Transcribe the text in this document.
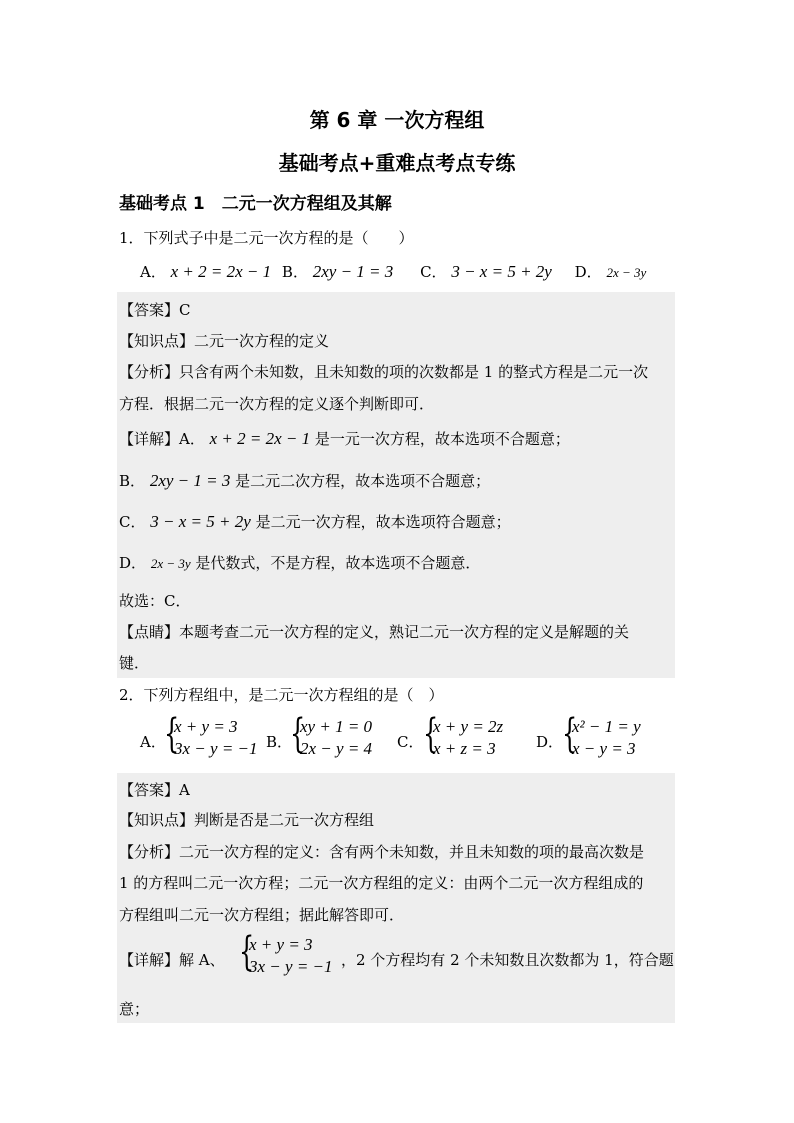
第 6 章 一次方程组
基础考点+重难点考点专练
基础考点 1　二元一次方程组及其解
1．下列式子中是二元一次方程的是（　　）
A． x + 2 = 2x − 1 B． 2xy − 1 = 3 C． 3 − x = 5 + 2y D． 2x − 3y
【答案】C
【知识点】二元一次方程的定义
【分析】只含有两个未知数，且未知数的项的次数都是 1 的整式方程是二元一次
方程．根据二元一次方程的定义逐个判断即可．
【详解】A． x + 2 = 2x − 1 是一元一次方程，故本选项不合题意；
B． 2xy − 1 = 3 是二元二次方程，故本选项不合题意；
C． 3 − x = 5 + 2y 是二元一次方程，故本选项符合题意；
D． 2x − 3y 是代数式，不是方程，故本选项不合题意．
故选：C．
【点睛】本题考查二元一次方程的定义，熟记二元一次方程的定义是解题的关
键．
2．下列方程组中，是二元一次方程组的是（　）
A．
{
x + y = 3
3x − y = −1 B．
{
xy + 1 = 0
2x − y = 4 C． {
x + y = 2z
x + z = 3	D．
{
x² − 1 = y
x − y = 3
【答案】A
【知识点】判断是否是二元一次方程组
【分析】二元一次方程的定义：含有两个未知数，并且未知数的项的最高次数是
1 的方程叫二元一次方程；二元一次方程组的定义：由两个二元一次方程组成的
方程组叫二元一次方程组；据此解答即可．
【详解】解 A、 {
x + y = 3
3x − y = −1 ，2 个方程均有 2 个未知数且次数都为 1，符合题
意；
